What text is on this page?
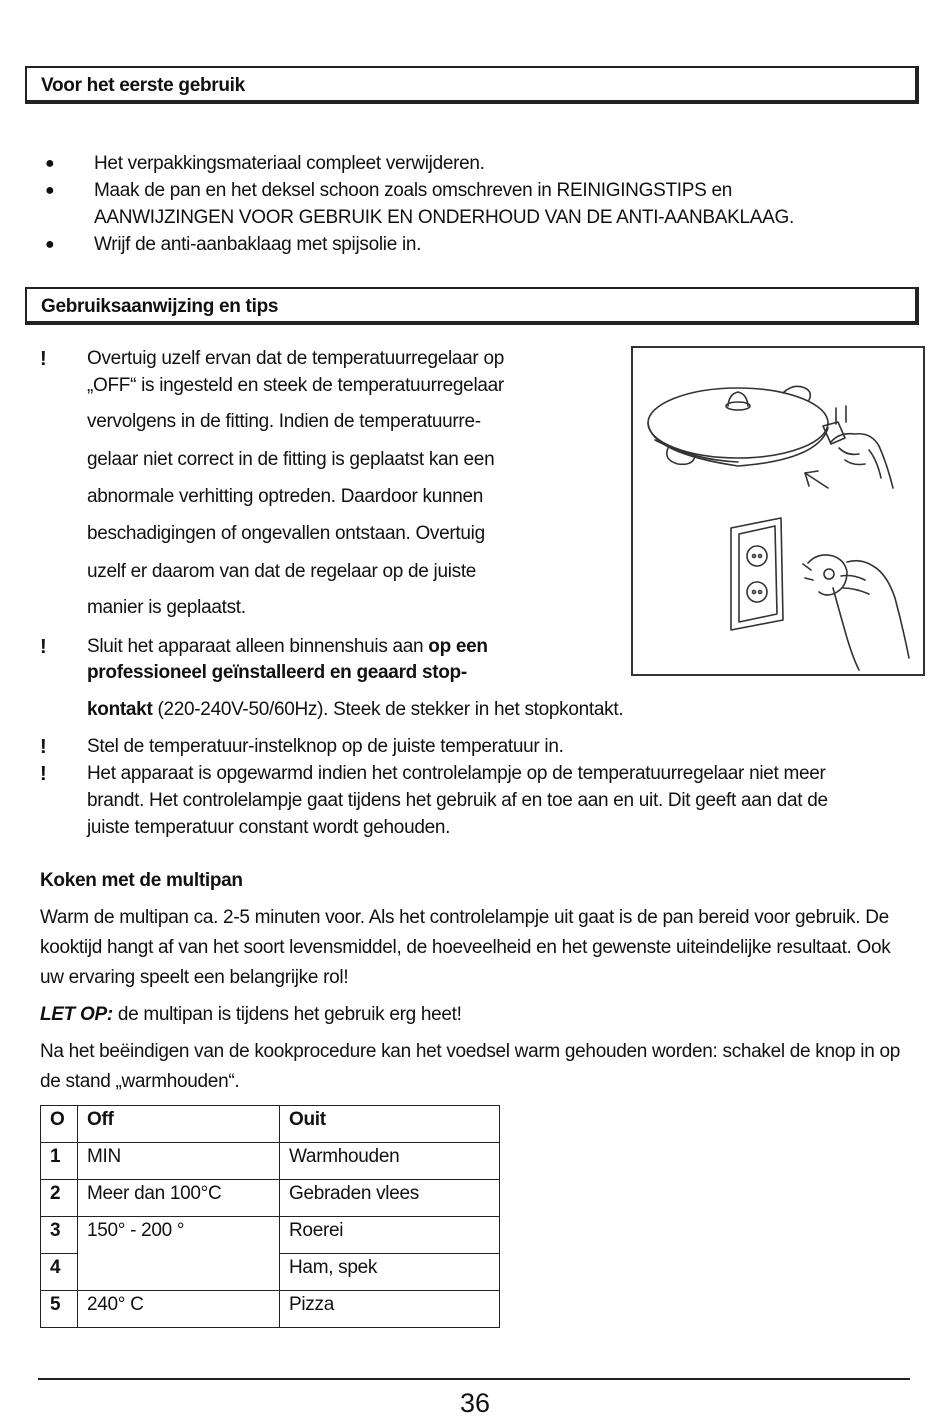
Voor het eerste gebruik
● Het verpakkingsmateriaal compleet verwijderen.
● Maak de pan en het deksel schoon zoals omschreven in REINIGINGSTIPS en
AANWIJZINGEN VOOR GEBRUIK EN ONDERHOUD VAN DE ANTI-AANBAKLAAG.
● Wrijf de anti-aanbaklaag met spijsolie in.
Gebruiksaanwijzing en tips
! Overtuig uzelf ervan dat de temperatuurregelaar op
„OFF“ is ingesteld en steek de temperatuurregelaar
vervolgens in de fitting. Indien de temperatuurre-
gelaar niet correct in de fitting is geplaatst kan een
abnormale verhitting optreden. Daardoor kunnen
beschadigingen of ongevallen ontstaan. Overtuig
uzelf er daarom van dat de regelaar op de juiste
manier is geplaatst.
! Sluit het apparaat alleen binnenshuis aan op een
professioneel geïnstalleerd en geaard stop-
kontakt (220-240V-50/60Hz). Steek de stekker in het stopkontakt.
! Stel de temperatuur-instelknop op de juiste temperatuur in.
! Het apparaat is opgewarmd indien het controlelampje op de temperatuurregelaar niet meer
brandt. Het controlelampje gaat tijdens het gebruik af en toe aan en uit. Dit geeft aan dat de
juiste temperatuur constant wordt gehouden.
Koken met de multipan
Warm de multipan ca. 2-5 minuten voor. Als het controlelampje uit gaat is de pan bereid voor gebruik. De kooktijd hangt af van het soort levensmiddel, de hoeveelheid en het gewenste uiteindelijke resultaat. Ook uw ervaring speelt een belangrijke rol!
LET OP: de multipan is tijdens het gebruik erg heet!
Na het beëindigen van de kookprocedure kan het voedsel warm gehouden worden: schakel de knop in op de stand „warmhouden“.
O	Off	Ouit
1	MIN	Warmhouden
2	Meer dan 100°C	Gebraden vlees
3	150° - 200 °	Roerei
4		Ham, spek
5	240° C	Pizza
36
